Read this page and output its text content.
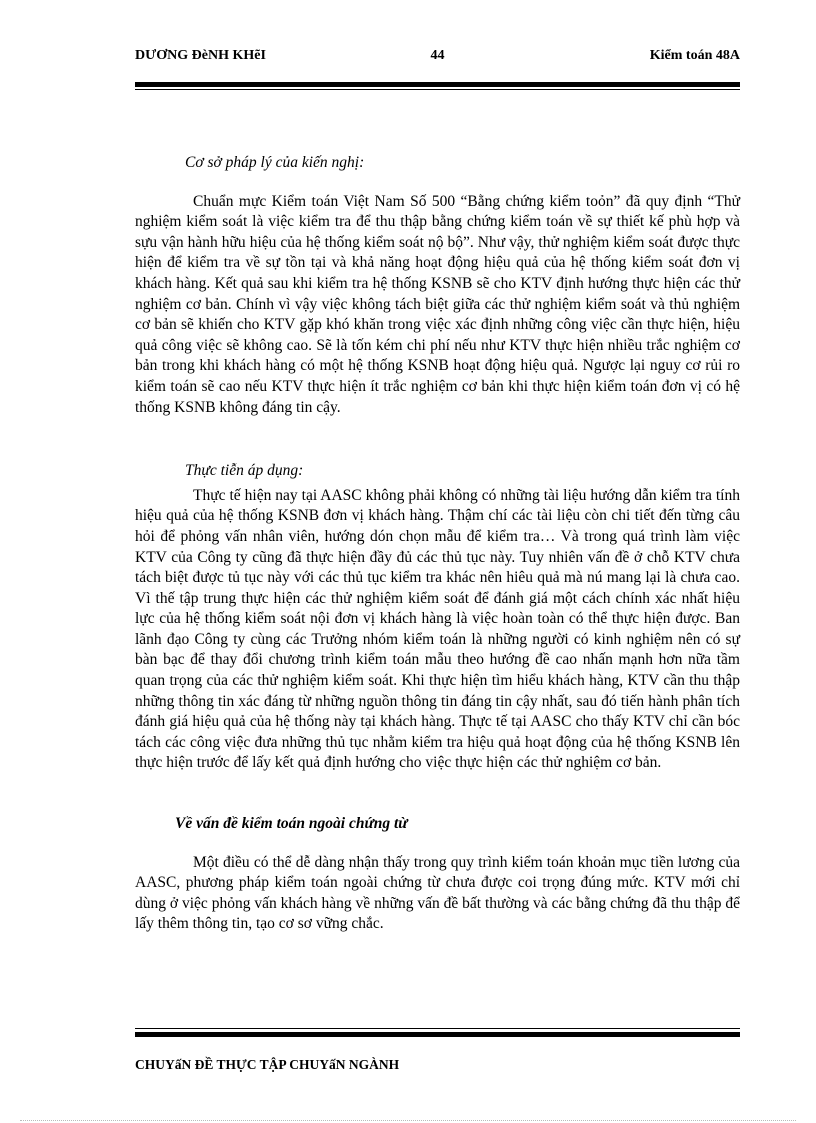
DƯƠNG ĐèNH KHẽI	44	Kiểm toán 48A
Cơ sở pháp lý của kiến nghị:

Chuẩn mực Kiểm toán Việt Nam Số 500 “Bằng chứng kiểm toỏn” đã quy định “Thử nghiệm kiểm soát là việc kiểm tra để thu thập bằng chứng kiểm toán về sự thiết kế phù hợp và sựu vận hành hữu hiệu của hệ thống kiểm soát nộ bộ”. Như vậy, thử nghiệm kiểm soát được thực hiện để kiểm tra về sự tồn tại và khả năng hoạt động hiệu quả của hệ thống kiểm soát đơn vị khách hàng. Kết quả sau khi kiểm tra hệ thống KSNB sẽ cho KTV định hướng thực hiện các thử nghiệm cơ bản. Chính vì vậy việc không tách biệt giữa các thử nghiệm kiểm soát và thủ nghiệm cơ bản sẽ khiến cho KTV gặp khó khăn trong việc xác định những công việc cần thực hiện, hiệu quả công việc sẽ không cao. Sẽ là tốn kém chi phí nếu như KTV thực hiện nhiều trắc nghiệm cơ bản trong khi khách hàng có một hệ thống KSNB hoạt động hiệu quả. Ngược lại nguy cơ rủi ro kiểm toán sẽ cao nếu KTV thực hiện ít trắc nghiệm cơ bản khi thực hiện kiểm toán đơn vị có hệ thống KSNB không đáng tin cậy.

Thực tiễn áp dụng:

Thực tế hiện nay tại AASC không phải không có những tài liệu hướng dẫn kiểm tra tính hiệu quả của hệ thống KSNB đơn vị khách hàng. Thậm chí các tài liệu còn chi tiết đến từng câu hỏi để phỏng vấn nhân viên, hướng dón chọn mẫu để kiểm tra… Và trong quá trình làm việc KTV của Công ty cũng đã thực hiện đầy đủ các thủ tục này. Tuy nhiên vấn đề ở chỗ KTV chưa tách biệt được tủ tục này với các thủ tục kiểm tra khác nên hiêu quả mà nú mang lại là chưa cao. Vì thế tập trung thực hiện các thử nghiệm kiểm soát để đánh giá một cách chính xác nhất hiệu lực của hệ thống kiểm soát nội đơn vị khách hàng là việc hoàn toàn có thể thực hiện được. Ban lãnh đạo Công ty cùng các Trưởng nhóm kiểm toán là những người có kinh nghiệm nên có sự bàn bạc để thay đổi chương trình kiểm toán mẫu theo hướng đề cao nhấn mạnh hơn nữa tầm quan trọng của các thử nghiệm kiểm soát. Khi thực hiện tìm hiểu khách hàng, KTV cần thu thập những thông tin xác đáng từ những nguồn thông tin đáng tin cậy nhất, sau đó tiến hành phân tích đánh giá hiệu quả của hệ thống này tại khách hàng. Thực tế tại AASC cho thấy KTV chỉ cần bóc tách các công việc đưa những thủ tục nhằm kiểm tra hiệu quả hoạt động của hệ thống KSNB lên thực hiện trước để lấy kết quả định hướng cho việc thực hiện các thử nghiệm cơ bản.

Về vấn đề kiểm toán ngoài chứng từ

Một điều có thể dễ dàng nhận thấy trong quy trình kiểm toán khoản mục tiền lương của AASC, phương pháp kiểm toán ngoài chứng từ chưa được coi trọng đúng mức. KTV mới chỉ dùng ở việc phỏng vấn khách hàng về những vấn đề bất thường và các bằng chứng đã thu thập để lấy thêm thông tin, tạo cơ sơ vững chắc.

CHUYấN ĐỀ THỰC TẬP CHUYấN NGÀNH
